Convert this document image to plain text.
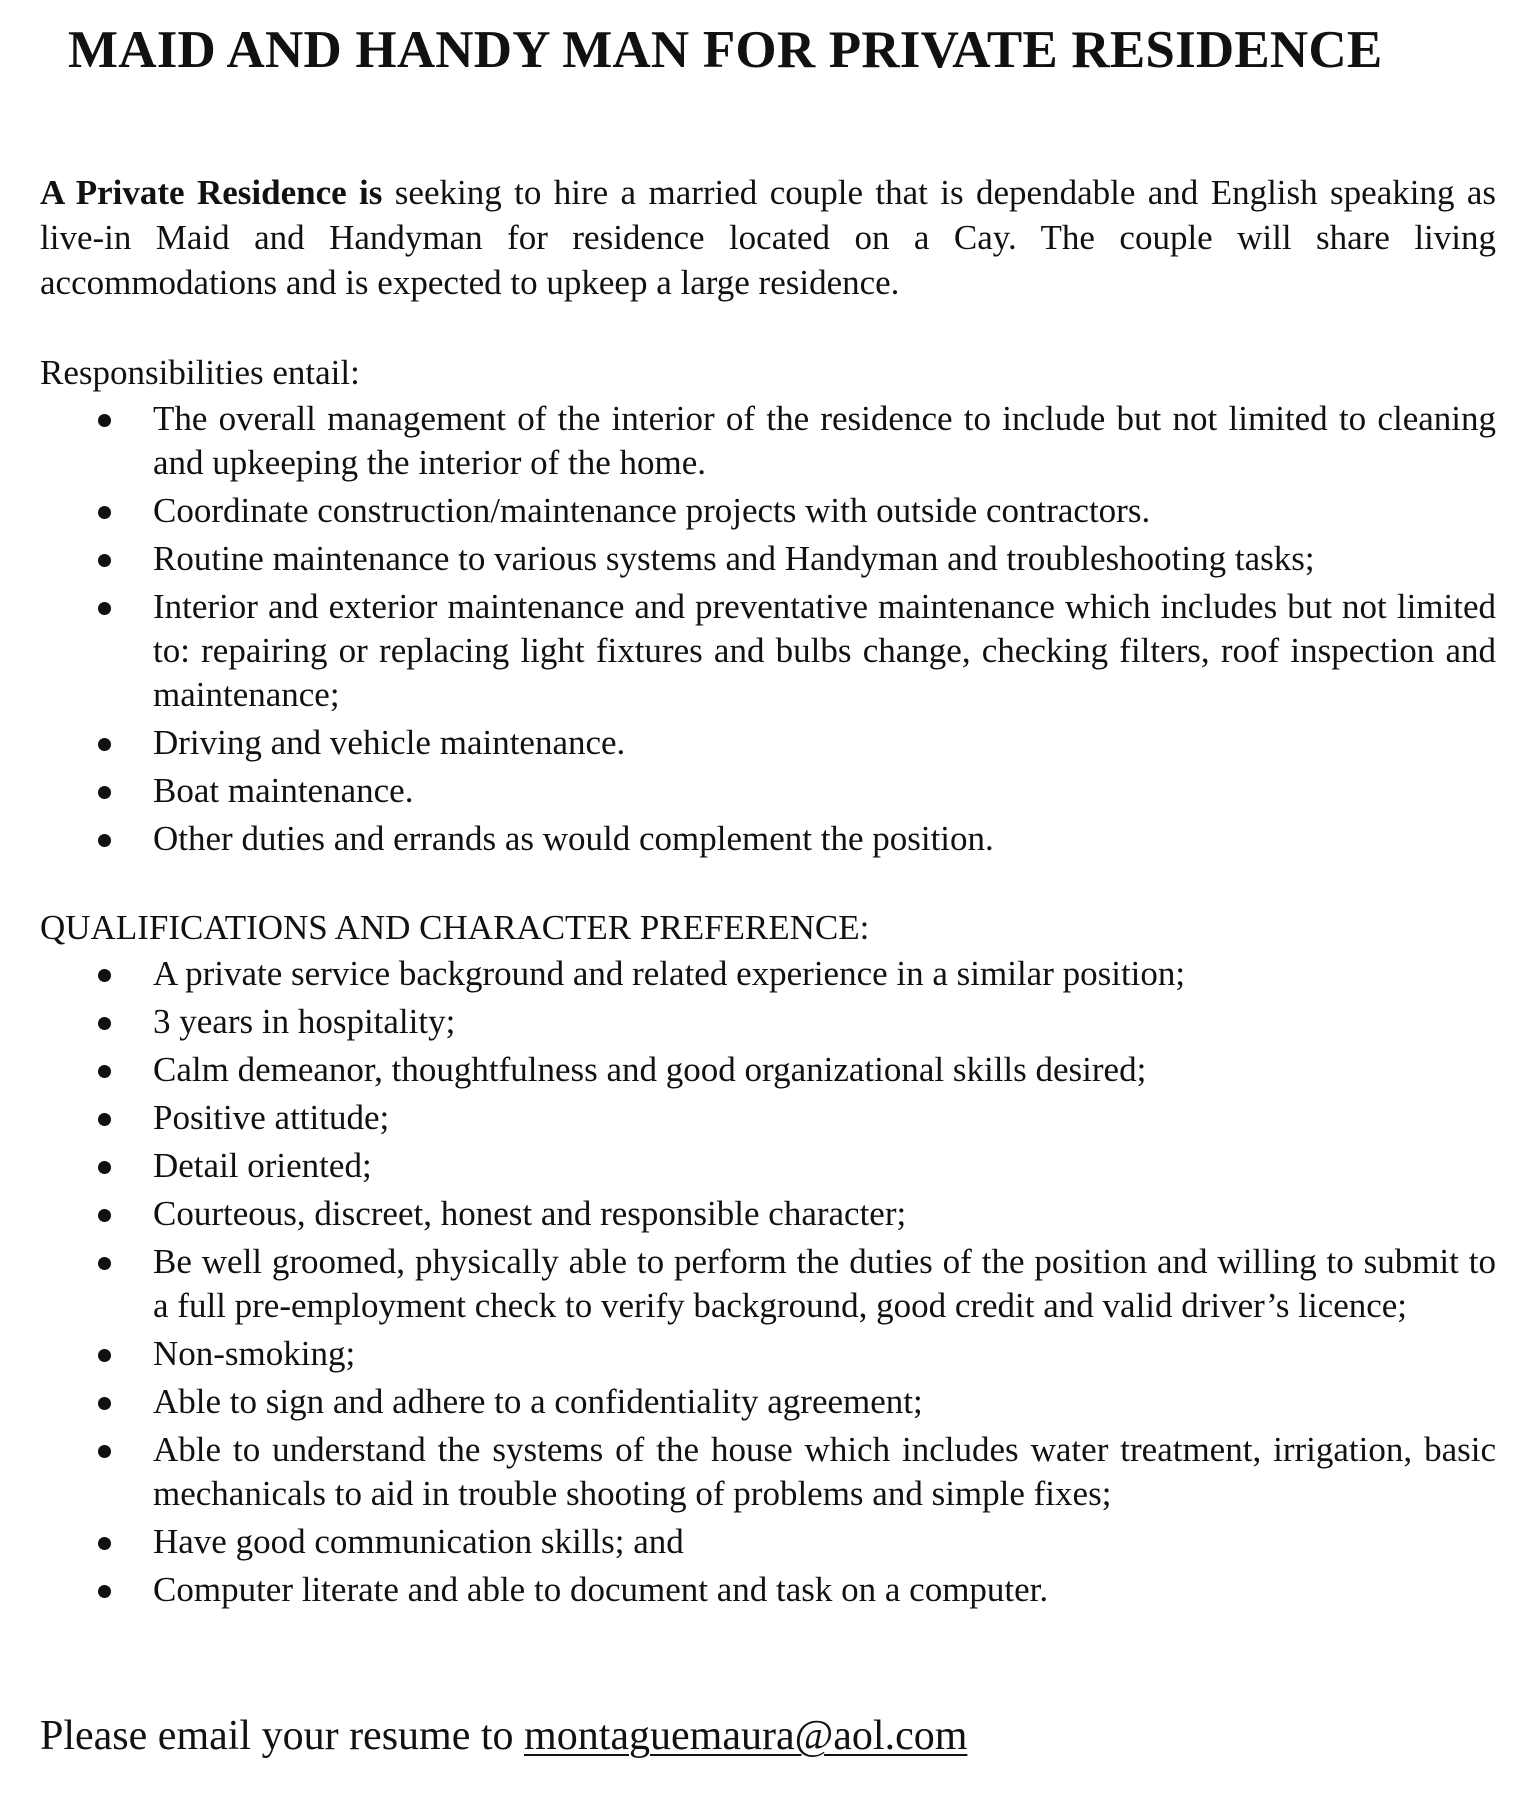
MAID AND HANDY MAN FOR PRIVATE RESIDENCE

A Private Residence is seeking to hire a married couple that is dependable and English speaking as live-in Maid and Handyman for residence located on a Cay. The couple will share living accommodations and is expected to upkeep a large residence.

Responsibilities entail:

The overall management of the interior of the residence to include but not limited to cleaning and upkeeping the interior of the home.
Coordinate construction/maintenance projects with outside contractors.
Routine maintenance to various systems and Handyman and troubleshooting tasks;
Interior and exterior maintenance and preventative maintenance which includes but not limited to: repairing or replacing light fixtures and bulbs change, checking filters, roof inspection and maintenance;
Driving and vehicle maintenance.
Boat maintenance.
Other duties and errands as would complement the position.

QUALIFICATIONS AND CHARACTER PREFERENCE:

A private service background and related experience in a similar position;
3 years in hospitality;
Calm demeanor, thoughtfulness and good organizational skills desired;
Positive attitude;
Detail oriented;
Courteous, discreet, honest and responsible character;
Be well groomed, physically able to perform the duties of the position and willing to submit to a full pre-employment check to verify background, good credit and valid driver’s licence;
Non-smoking;
Able to sign and adhere to a confidentiality agreement;
Able to understand the systems of the house which includes water treatment, irrigation, basic mechanicals to aid in trouble shooting of problems and simple fixes;
Have good communication skills; and
Computer literate and able to document and task on a computer.

Please email your resume to montaguemaura@aol.com
